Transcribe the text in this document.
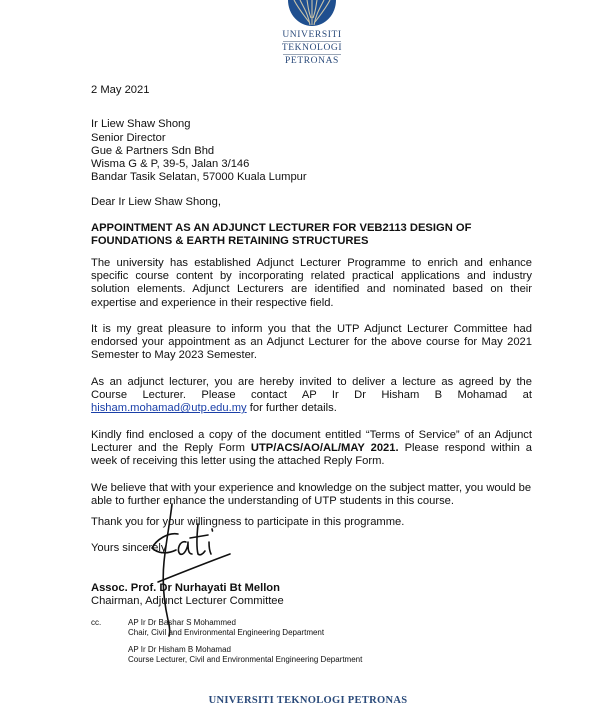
UNIVERSITI
TEKNOLOGI
PETRONAS
2 May 2021
Ir Liew Shaw Shong
Senior Director
Gue & Partners Sdn Bhd
Wisma G & P, 39-5, Jalan 3/146
Bandar Tasik Selatan, 57000 Kuala Lumpur
Dear Ir Liew Shaw Shong,
APPOINTMENT AS AN ADJUNCT LECTURER FOR VEB2113 DESIGN OF FOUNDATIONS & EARTH RETAINING STRUCTURES
The university has established Adjunct Lecturer Programme to enrich and enhance specific course content by incorporating related practical applications and industry solution elements. Adjunct Lecturers are identified and nominated based on their expertise and experience in their respective field.
It is my great pleasure to inform you that the UTP Adjunct Lecturer Committee had endorsed your appointment as an Adjunct Lecturer for the above course for May 2021 Semester to May 2023 Semester.
As an adjunct lecturer, you are hereby invited to deliver a lecture as agreed by the Course Lecturer. Please contact AP Ir Dr Hisham B Mohamad at hisham.mohamad@utp.edu.my for further details.
Kindly find enclosed a copy of the document entitled “Terms of Service” of an Adjunct Lecturer and the Reply Form UTP/ACS/AO/AL/MAY 2021. Please respond within a week of receiving this letter using the attached Reply Form.
We believe that with your experience and knowledge on the subject matter, you would be able to further enhance the understanding of UTP students in this course.
Thank you for your willingness to participate in this programme.
Yours sincerely
Assoc. Prof. Dr Nurhayati Bt Mellon
Chairman, Adjunct Lecturer Committee
cc.	AP Ir Dr Bashar S Mohammed
Chair, Civil and Environmental Engineering Department
AP Ir Dr Hisham B Mohamad
Course Lecturer, Civil and Environmental Engineering Department
UNIVERSITI TEKNOLOGI PETRONAS
